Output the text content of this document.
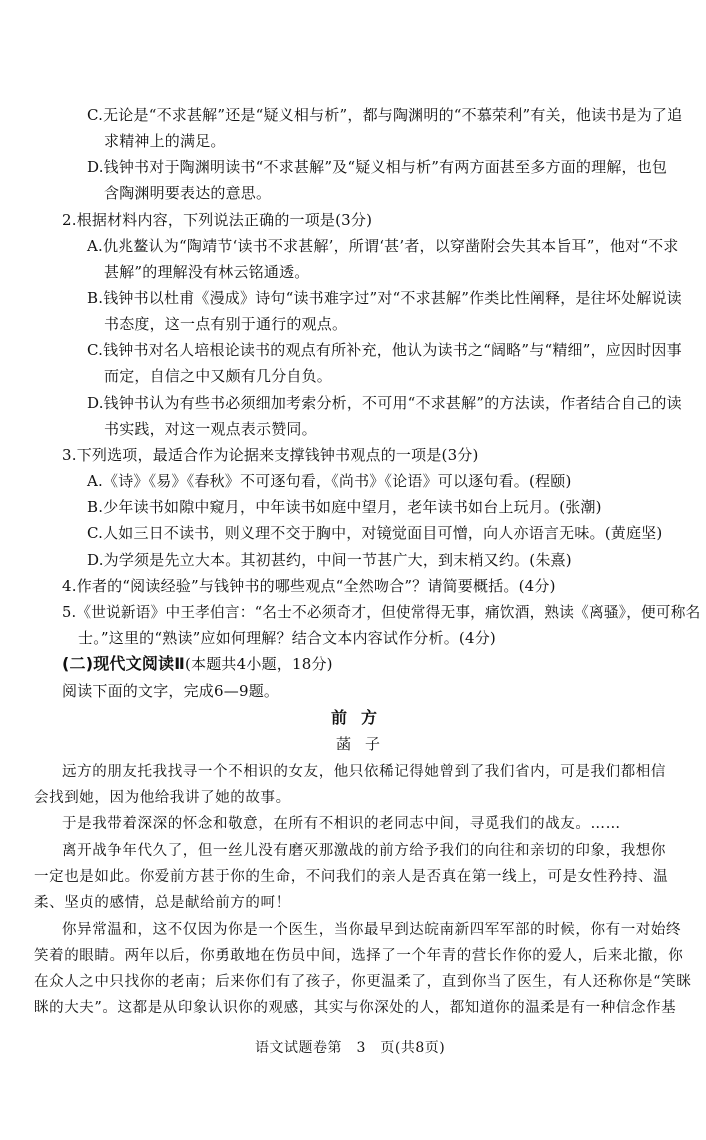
C.无论是“不求甚解”还是“疑义相与析”，都与陶渊明的“不慕荣利”有关，他读书是为了追
求精神上的满足。
D.钱钟书对于陶渊明读书“不求甚解”及“疑义相与析”有两方面甚至多方面的理解，也包
含陶渊明要表达的意思。
2.根据材料内容，下列说法正确的一项是(3分)
A.仇兆鳌认为“陶靖节‘读书不求甚解’，所谓‘甚’者，以穿凿附会失其本旨耳”，他对“不求
甚解”的理解没有林云铭通透。
B.钱钟书以杜甫《漫成》诗句“读书难字过”对“不求甚解”作类比性阐释，是往坏处解说读
书态度，这一点有别于通行的观点。
C.钱钟书对名人培根论读书的观点有所补充，他认为读书之“阔略”与“精细”，应因时因事
而定，自信之中又颇有几分自负。
D.钱钟书认为有些书必须细加考索分析，不可用“不求甚解”的方法读，作者结合自己的读
书实践，对这一观点表示赞同。
3.下列选项，最适合作为论据来支撑钱钟书观点的一项是(3分)
A.《诗》《易》《春秋》不可逐句看，《尚书》《论语》可以逐句看。(程颐)
B.少年读书如隙中窥月，中年读书如庭中望月，老年读书如台上玩月。(张潮)
C.人如三日不读书，则义理不交于胸中，对镜觉面目可憎，向人亦语言无味。(黄庭坚)
D.为学须是先立大本。其初甚约，中间一节甚广大，到末梢又约。(朱熹)
4.作者的“阅读经验”与钱钟书的哪些观点“全然吻合”？请简要概括。(4分)
5.《世说新语》中王孝伯言：“名士不必须奇才，但使常得无事，痛饮酒，熟读《离骚》，便可称名
士。”这里的“熟读”应如何理解？结合文本内容试作分析。(4分)
(二)现代文阅读Ⅱ(本题共4小题，18分)
阅读下面的文字，完成6—9题。
前方
菡子
远方的朋友托我找寻一个不相识的女友，他只依稀记得她曾到了我们省内，可是我们都相信
会找到她，因为他给我讲了她的故事。
于是我带着深深的怀念和敬意，在所有不相识的老同志中间，寻觅我们的战友。……
离开战争年代久了，但一丝儿没有磨灭那激战的前方给予我们的向往和亲切的印象，我想你
一定也是如此。你爱前方甚于你的生命，不问我们的亲人是否真在第一线上，可是女性矜持、温
柔、坚贞的感情，总是献给前方的呵！
你异常温和，这不仅因为你是一个医生，当你最早到达皖南新四军军部的时候，你有一对始终
笑着的眼睛。两年以后，你勇敢地在伤员中间，选择了一个年青的营长作你的爱人，后来北撤，你
在众人之中只找你的老南；后来你们有了孩子，你更温柔了，直到你当了医生，有人还称你是“笑眯
眯的大夫”。这都是从印象认识你的观感，其实与你深处的人，都知道你的温柔是有一种信念作基
语文试题卷第　3　页(共8页)
